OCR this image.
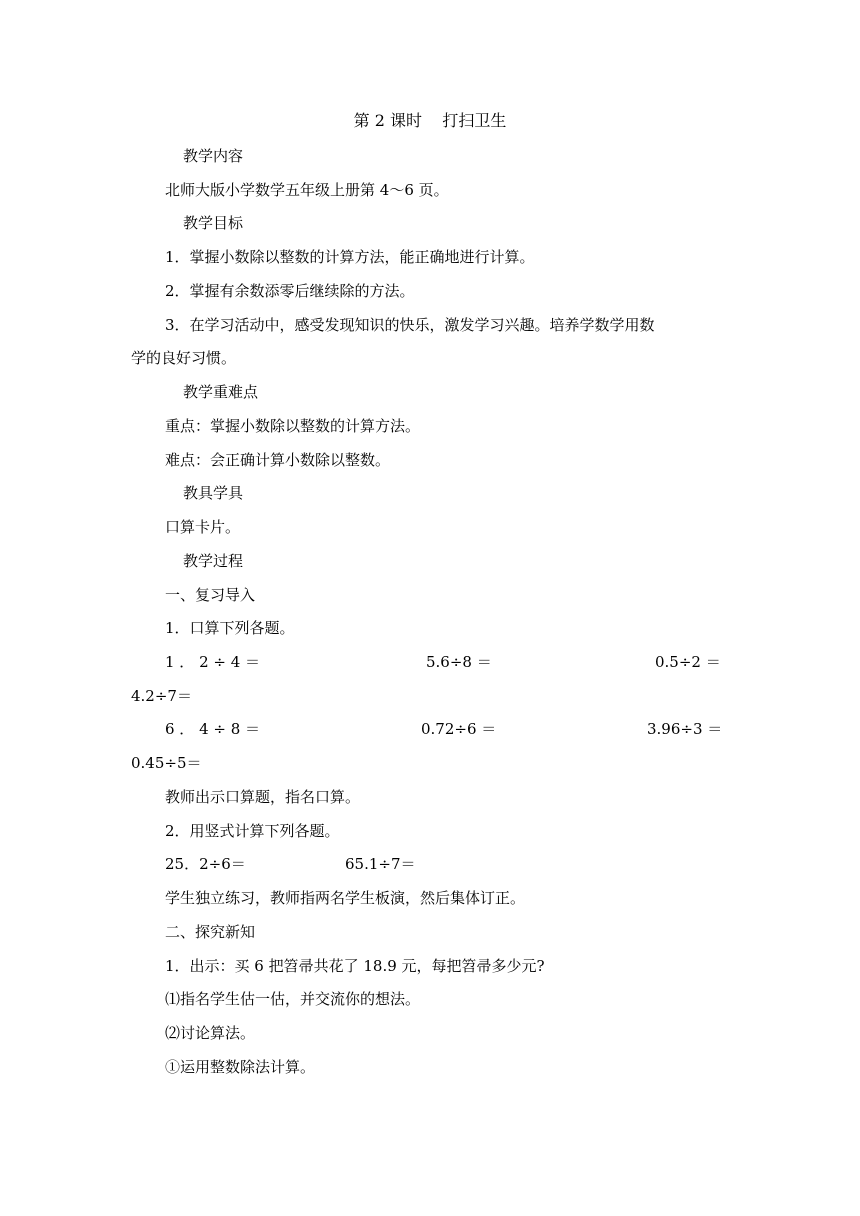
第 2 课时    打扫卫生
教学内容
北师大版小学数学五年级上册第 4～6 页。
教学目标
1．掌握小数除以整数的计算方法，能正确地进行计算。
2．掌握有余数添零后继续除的方法。
3．在学习活动中，感受发现知识的快乐，激发学习兴趣。培养学数学用数
学的良好习惯。
教学重难点
重点：掌握小数除以整数的计算方法。
难点：会正确计算小数除以整数。
教具学具
口算卡片。
教学过程
一、复习导入
1．口算下列各题。
1 ． 2 ÷ 4 ＝	5.6÷8 ＝	0.5÷2 ＝
4.2÷7＝
6 ． 4 ÷ 8 ＝	0.72÷6 ＝	3.96÷3 ＝
0.45÷5＝
教师出示口算题，指名口算。
2．用竖式计算下列各题。
25．2÷6＝	65.1÷7＝
学生独立练习，教师指两名学生板演，然后集体订正。
二、探究新知
1．出示：买 6 把笤帚共花了 18.9 元，每把笤帚多少元?
⑴指名学生估一估，并交流你的想法。
⑵讨论算法。
①运用整数除法计算。
